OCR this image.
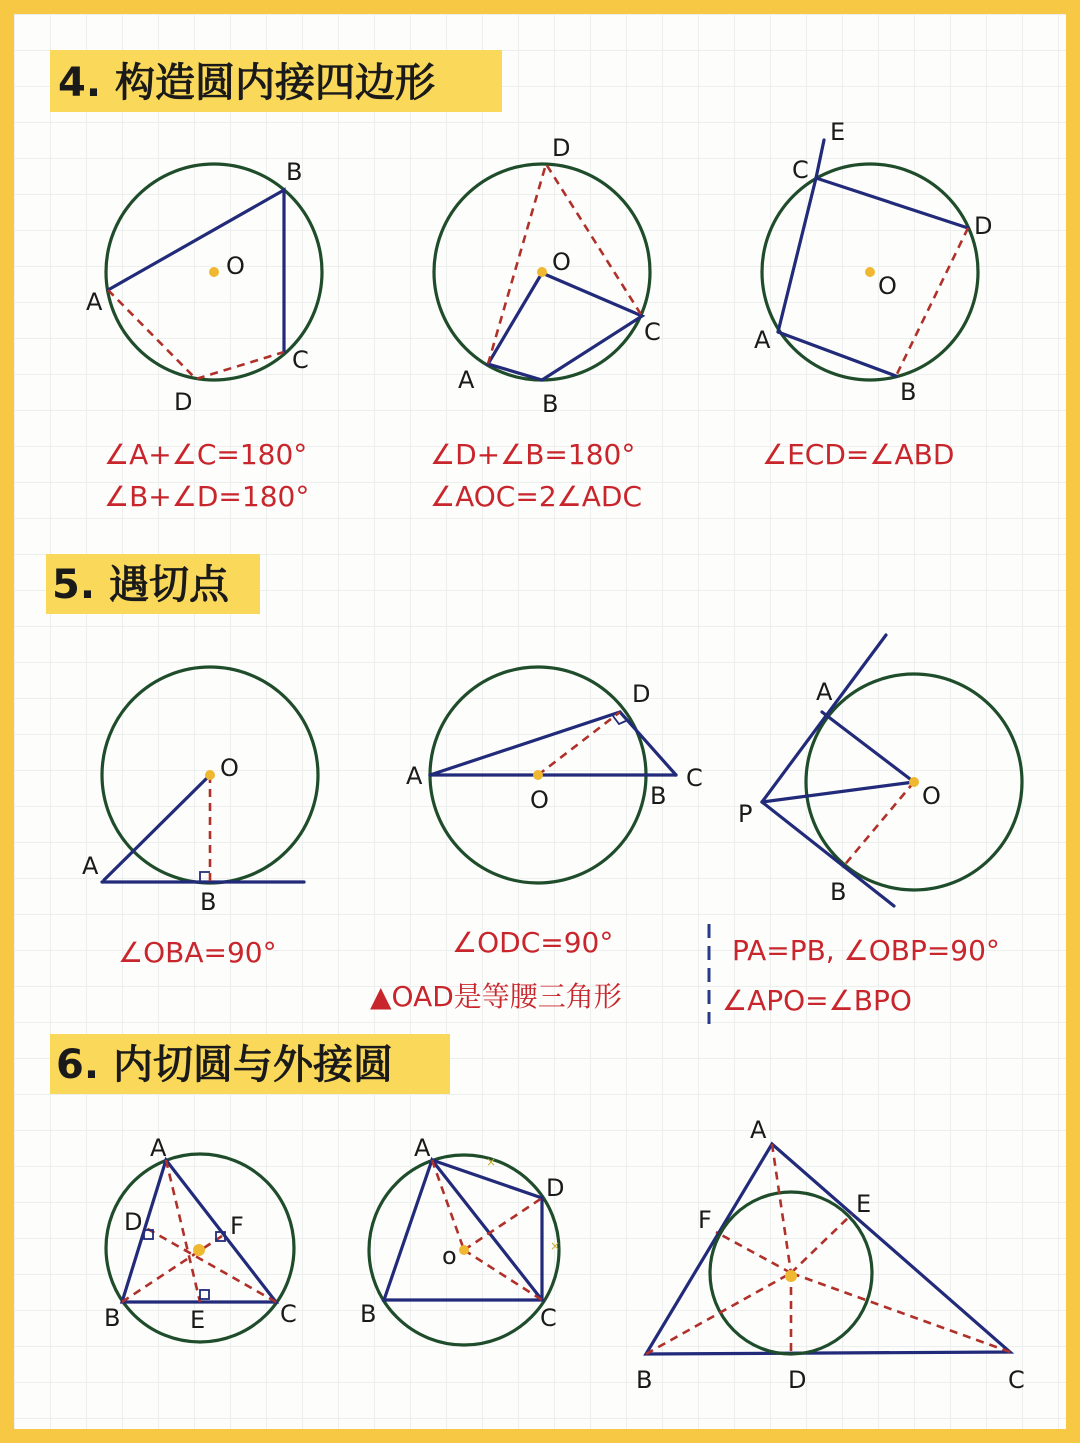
4. 构造圆内接四边形
O
A
B
C
D
∠A+∠C=180°
∠B+∠D=180°
O
A
B
C
D
∠D+∠B=180°
∠AOC=2∠ADC
O
A
B
C
D
E
∠ECD=∠ABD
5. 遇切点
O
A
B
∠OBA=90°
O
A
B
C
D
∠ODC=90°
▲OAD是等腰三角形
O
A
B
P
PA=PB, ∠OBP=90°
∠APO=∠BPO
6. 内切圆与外接圆
A
B	C
D
E
F
×
×
o
A
B	C
D
A
B	C
D
E
F
